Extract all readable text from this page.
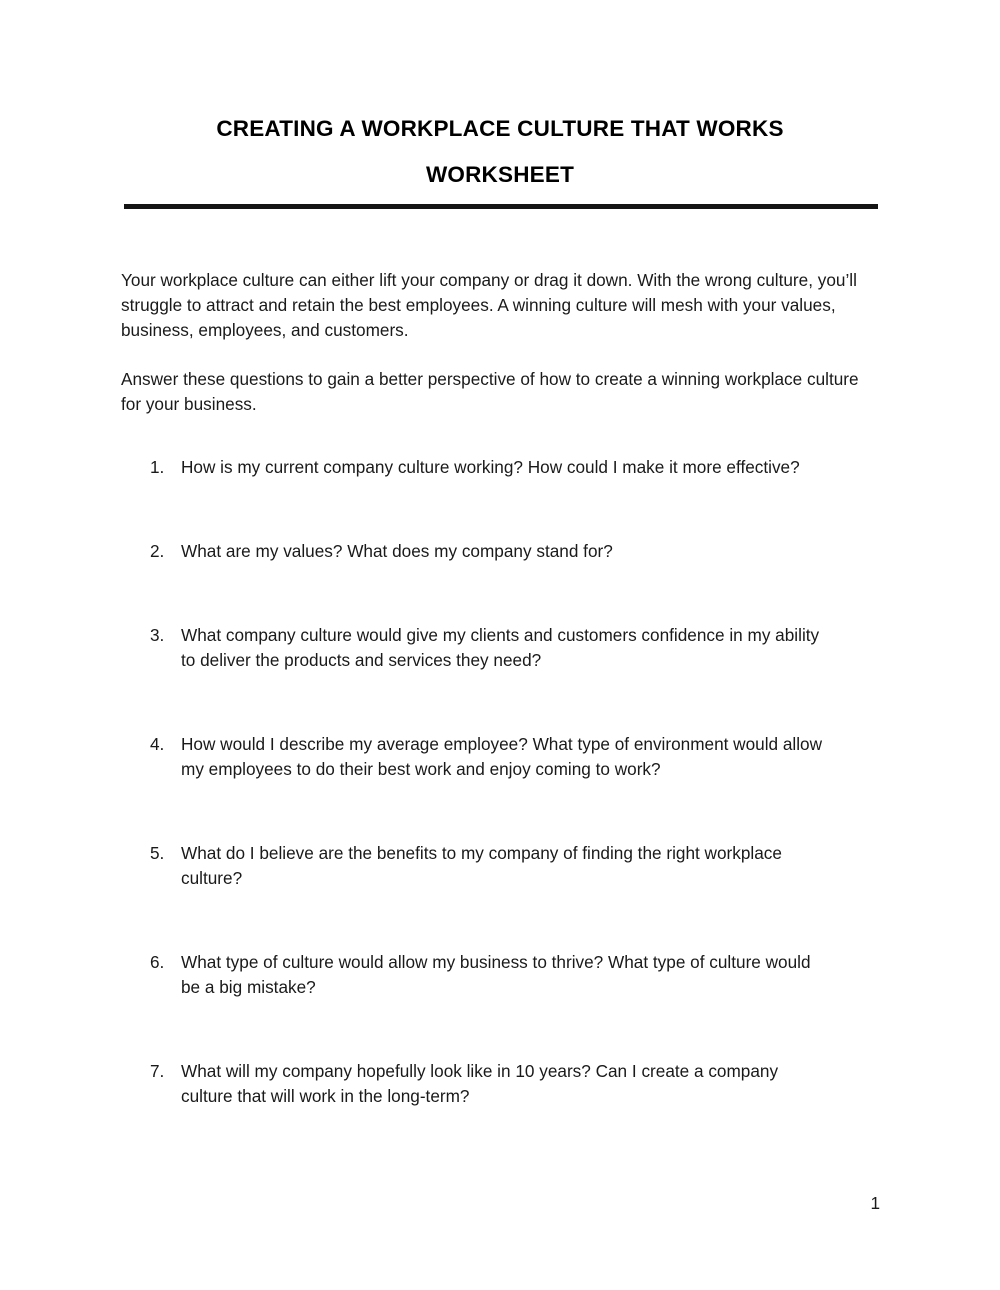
CREATING A WORKPLACE CULTURE THAT WORKS
WORKSHEET

Your workplace culture can either lift your company or drag it down. With the wrong culture, you’ll struggle to attract and retain the best employees. A winning culture will mesh with your values, business, employees, and customers.

Answer these questions to gain a better perspective of how to create a winning workplace culture for your business.

1. How is my current company culture working? How could I make it more effective?
2. What are my values? What does my company stand for?
3. What company culture would give my clients and customers confidence in my ability
to deliver the products and services they need?
4. How would I describe my average employee? What type of environment would allow
my employees to do their best work and enjoy coming to work?
5. What do I believe are the benefits to my company of finding the right workplace
culture?
6. What type of culture would allow my business to thrive? What type of culture would
be a big mistake?
7. What will my company hopefully look like in 10 years? Can I create a company
culture that will work in the long-term?
1
